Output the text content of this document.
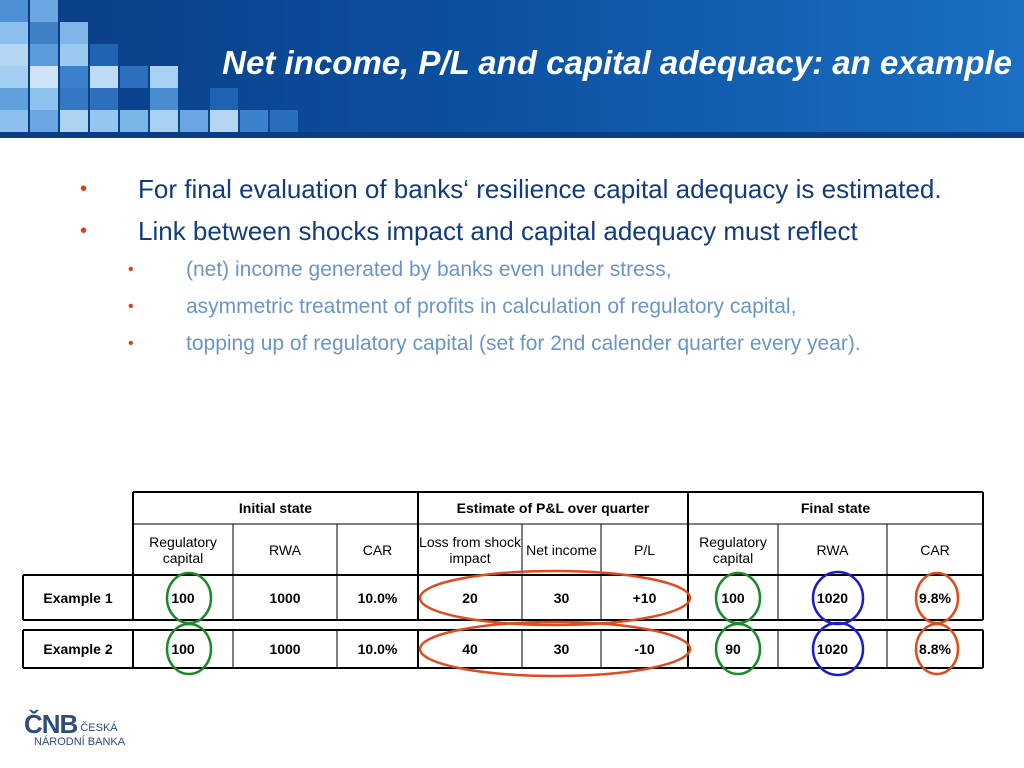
Net income, P/L and capital adequacy: an example
• For final evaluation of banks‘ resilience capital adequacy is estimated.
• Link between shocks impact and capital adequacy must reflect
• (net) income generated by banks even under stress,
• asymmetric treatment of profits in calculation of regulatory capital,
• topping up of regulatory capital (set for 2nd calender quarter every year).
Initial state	Estimate of P&L over quarter	Final state
Regulatory capital	RWA	CAR	Loss from shock impact	Net income	P/L	Regulatory capital	RWA	CAR
Example 1	100	1000	10.0%	20	30	+10	100	1020	9.8%
Example 2	100	1000	10.0%	40	30	-10	90	1020	8.8%
ČNB ČESKÁ
NÁRODNÍ BANKA
